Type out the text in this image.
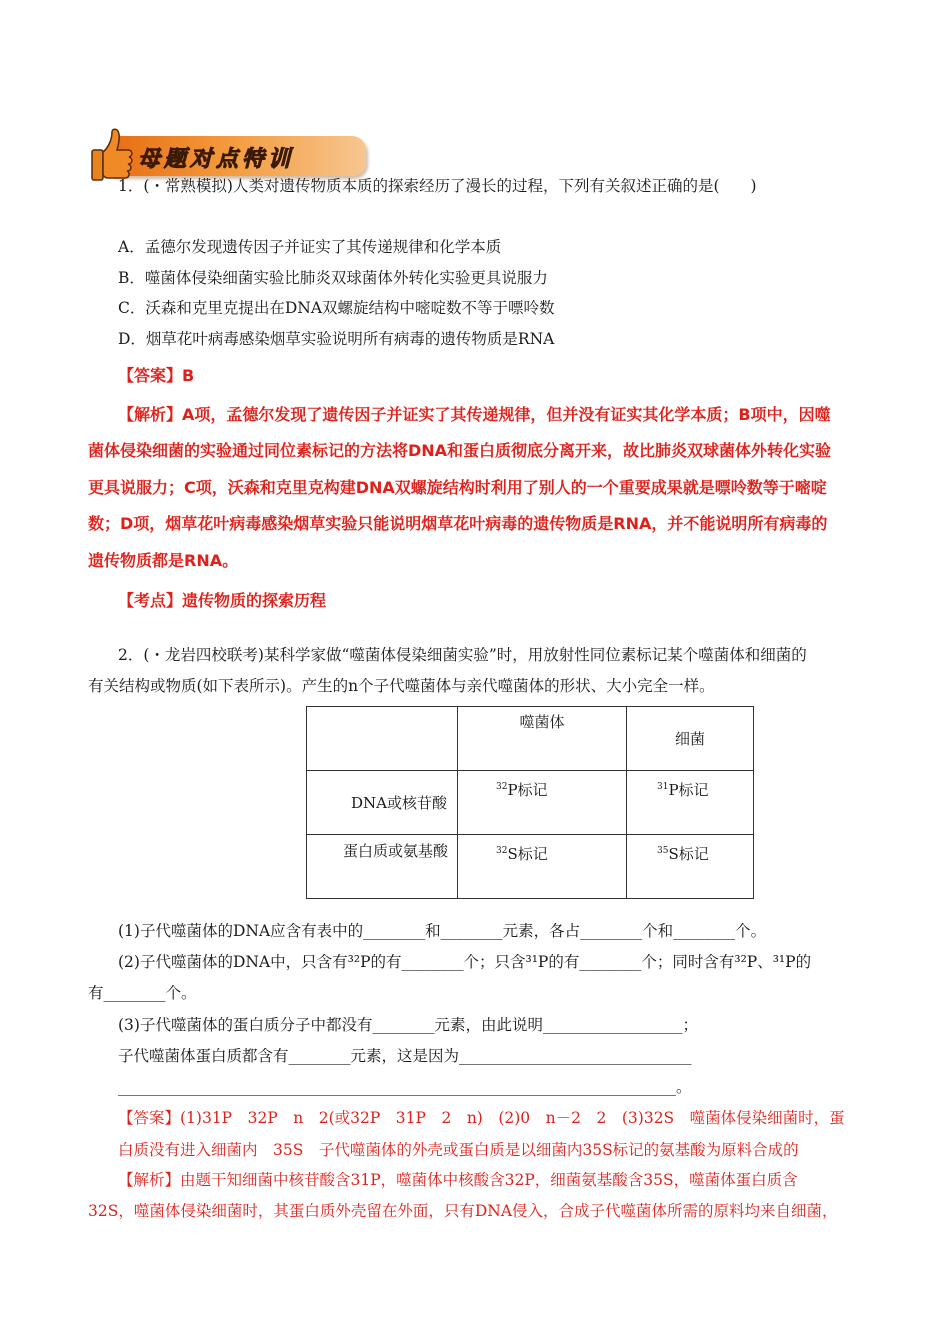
母题对点特训
1．(・常熟模拟)人类对遗传物质本质的探索经历了漫长的过程，下列有关叙述正确的是(　　)
A．孟德尔发现遗传因子并证实了其传递规律和化学本质
B．噬菌体侵染细菌实验比肺炎双球菌体外转化实验更具说服力
C．沃森和克里克提出在DNA双螺旋结构中嘧啶数不等于嘌呤数
D．烟草花叶病毒感染烟草实验说明所有病毒的遗传物质是RNA
【答案】B
【解析】A项，孟德尔发现了遗传因子并证实了其传递规律，但并没有证实其化学本质；B项中，因噬
菌体侵染细菌的实验通过同位素标记的方法将DNA和蛋白质彻底分离开来，故比肺炎双球菌体外转化实验
更具说服力；C项，沃森和克里克构建DNA双螺旋结构时利用了别人的一个重要成果就是嘌呤数等于嘧啶
数；D项，烟草花叶病毒感染烟草实验只能说明烟草花叶病毒的遗传物质是RNA，并不能说明所有病毒的
遗传物质都是RNA。
【考点】遗传物质的探索历程
2．(・龙岩四校联考)某科学家做“噬菌体侵染细菌实验”时，用放射性同位素标记某个噬菌体和细菌的
有关结构或物质(如下表所示)。产生的n个子代噬菌体与亲代噬菌体的形状、大小完全一样。
	噬菌体	细菌
DNA或核苷酸	$^{32}$P标记	$^{31}$P标记
蛋白质或氨基酸	$^{32}$S标记	$^{35}$S标记
(1)子代噬菌体的DNA应含有表中的________和________元素，各占________个和________个。
(2)子代噬菌体的DNA中，只含有³²P的有________个；只含³¹P的有________个；同时含有³²P、³¹P的
有________个。
(3)子代噬菌体的蛋白质分子中都没有________元素，由此说明__________________；
子代噬菌体蛋白质都含有________元素，这是因为______________________________
________________________________________________________________________。
【答案】(1)31P　32P　n　2(或32P　31P　2　n)　(2)0　n－2　2　(3)32S　噬菌体侵染细菌时，蛋
白质没有进入细菌内　35S　子代噬菌体的外壳或蛋白质是以细菌内35S标记的氨基酸为原料合成的
【解析】由题干知细菌中核苷酸含31P，噬菌体中核酸含32P，细菌氨基酸含35S，噬菌体蛋白质含
32S，噬菌体侵染细菌时，其蛋白质外壳留在外面，只有DNA侵入，合成子代噬菌体所需的原料均来自细菌，
